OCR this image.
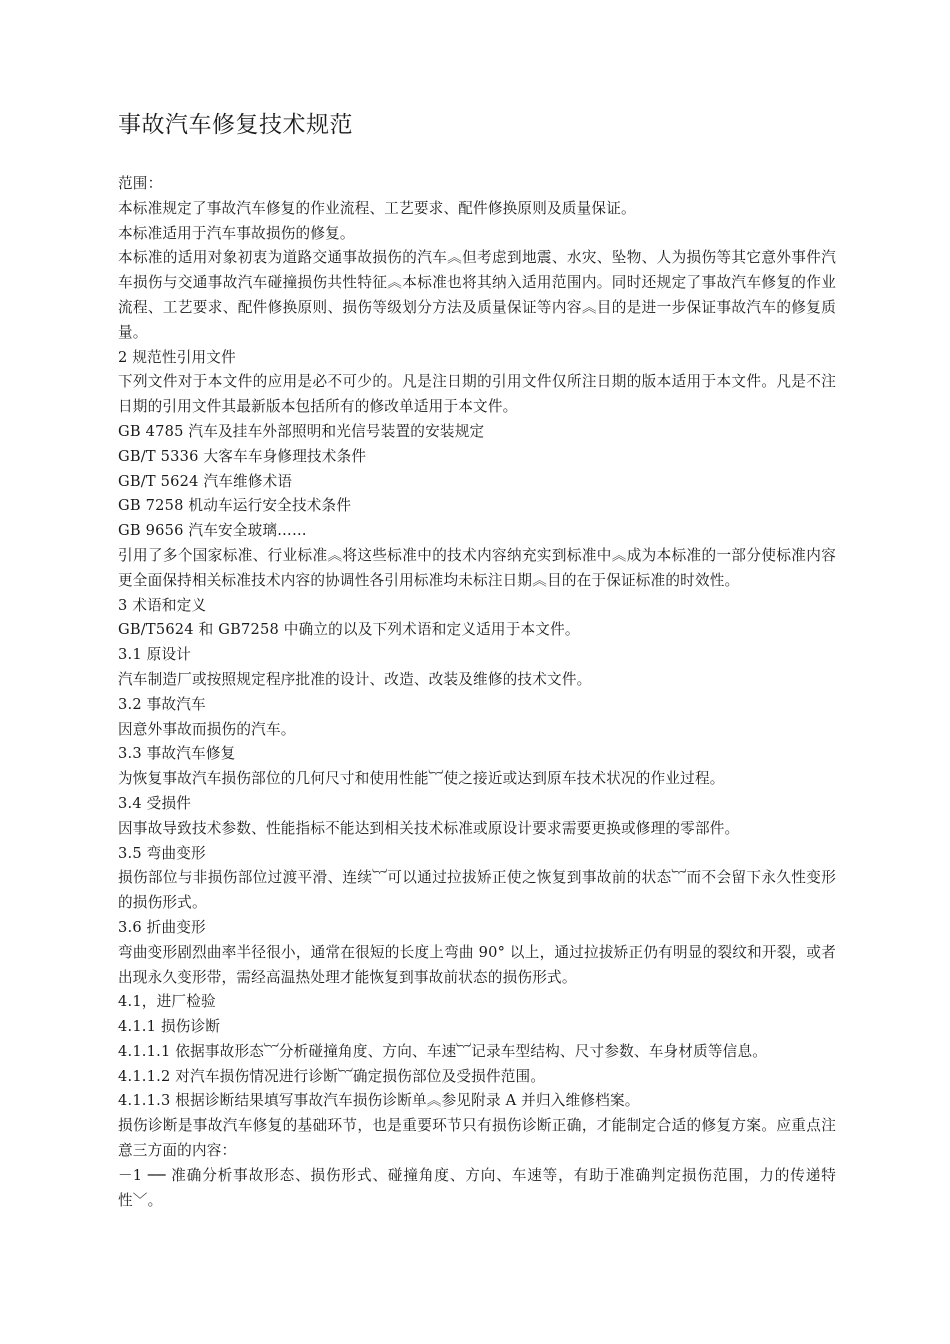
事故汽车修复技术规范

范围：

本标准规定了事故汽车修复的作业流程、工艺要求、配件修换原则及质量保证。

本标准适用于汽车事故损伤的修复。

本标准的适用对象初衷为道路交通事故损伤的汽车︽但考虑到地震、水灾、坠物、人为损伤等其它意外事件汽车损伤与交通事故汽车碰撞损伤共性特征︽本标准也将其纳入适用范围内。同时还规定了事故汽车修复的作业流程、工艺要求、配件修换原则、损伤等级划分方法及质量保证等内容︽目的是进一步保证事故汽车的修复质量。

2 规范性引用文件

下列文件对于本文件的应用是必不可少的。凡是注日期的引用文件仅所注日期的版本适用于本文件。凡是不注日期的引用文件其最新版本包括所有的修改单适用于本文件。

GB 4785 汽车及挂车外部照明和光信号装置的安装规定

GB/T 5336 大客车车身修理技术条件

GB/T 5624 汽车维修术语

GB 7258 机动车运行安全技术条件

GB 9656 汽车安全玻璃……

引用了多个国家标准、行业标准︽将这些标准中的技术内容纳充实到标准中︽成为本标准的一部分使标准内容更全面保持相关标准技术内容的协调性各引用标准均未标注日期︽目的在于保证标准的时效性。

3 术语和定义

GB/T5624 和 GB7258 中确立的以及下列术语和定义适用于本文件。

3.1 原设计

汽车制造厂或按照规定程序批准的设计、改造、改装及维修的技术文件。

3.2 事故汽车

因意外事故而损伤的汽车。

3.3 事故汽车修复

为恢复事故汽车损伤部位的几何尺寸和使用性能︸使之接近或达到原车技术状况的作业过程。

3.4 受损件

因事故导致技术参数、性能指标不能达到相关技术标准或原设计要求需要更换或修理的零部件。

3.5 弯曲变形

损伤部位与非损伤部位过渡平滑、连续︸可以通过拉拔矫正使之恢复到事故前的状态︸而不会留下永久性变形的损伤形式。

3.6 折曲变形

弯曲变形剧烈曲率半径很小，通常在很短的长度上弯曲 90° 以上，通过拉拔矫正仍有明显的裂纹和开裂，或者出现永久变形带，需经高温热处理才能恢复到事故前状态的损伤形式。

4.1，进厂检验

4.1.1 损伤诊断

4.1.1.1 依据事故形态︸分析碰撞角度、方向、车速︸记录车型结构、尺寸参数、车身材质等信息。

4.1.1.2 对汽车损伤情况进行诊断︸确定损伤部位及受损件范围。

4.1.1.3 根据诊断结果填写事故汽车损伤诊断单︽参见附录 A 并归入维修档案。

损伤诊断是事故汽车修复的基础环节，也是重要环节只有损伤诊断正确，才能制定合适的修复方案。应重点注意三方面的内容：

－1 ── 准确分析事故形态、损伤形式、碰撞角度、方向、车速等，有助于准确判定损伤范围，力的传递特性﹀。
